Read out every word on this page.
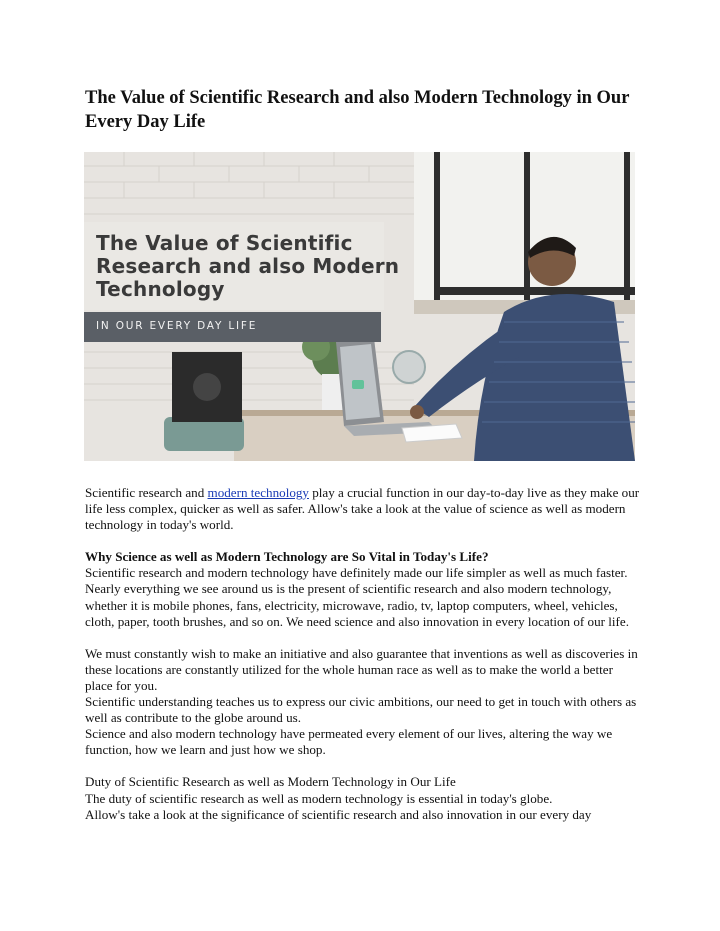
The Value of Scientific Research and also Modern Technology in Our Every Day Life
The Value of Scientific Research and also Modern Technology
IN OUR EVERY DAY LIFE

Scientific research and modern technology play a crucial function in our day-to-day live as they make our life less complex, quicker as well as safer. Allow's take a look at the value of science as well as modern technology in today's world.

Why Science as well as Modern Technology are So Vital in Today's Life?

Scientific research and modern technology have definitely made our life simpler as well as much faster. Nearly everything we see around us is the present of scientific research and also modern technology, whether it is mobile phones, fans, electricity, microwave, radio, tv, laptop computers, wheel, vehicles, cloth, paper, tooth brushes, and so on. We need science and also innovation in every location of our life.

We must constantly wish to make an initiative and also guarantee that inventions as well as discoveries in these locations are constantly utilized for the whole human race as well as to make the world a better place for you.

Scientific understanding teaches us to express our civic ambitions, our need to get in touch with others as well as contribute to the globe around us.

Science and also modern technology have permeated every element of our lives, altering the way we function, how we learn and just how we shop.

Duty of Scientific Research as well as Modern Technology in Our Life

The duty of scientific research as well as modern technology is essential in today's globe.

Allow's take a look at the significance of scientific research and also innovation in our every day
